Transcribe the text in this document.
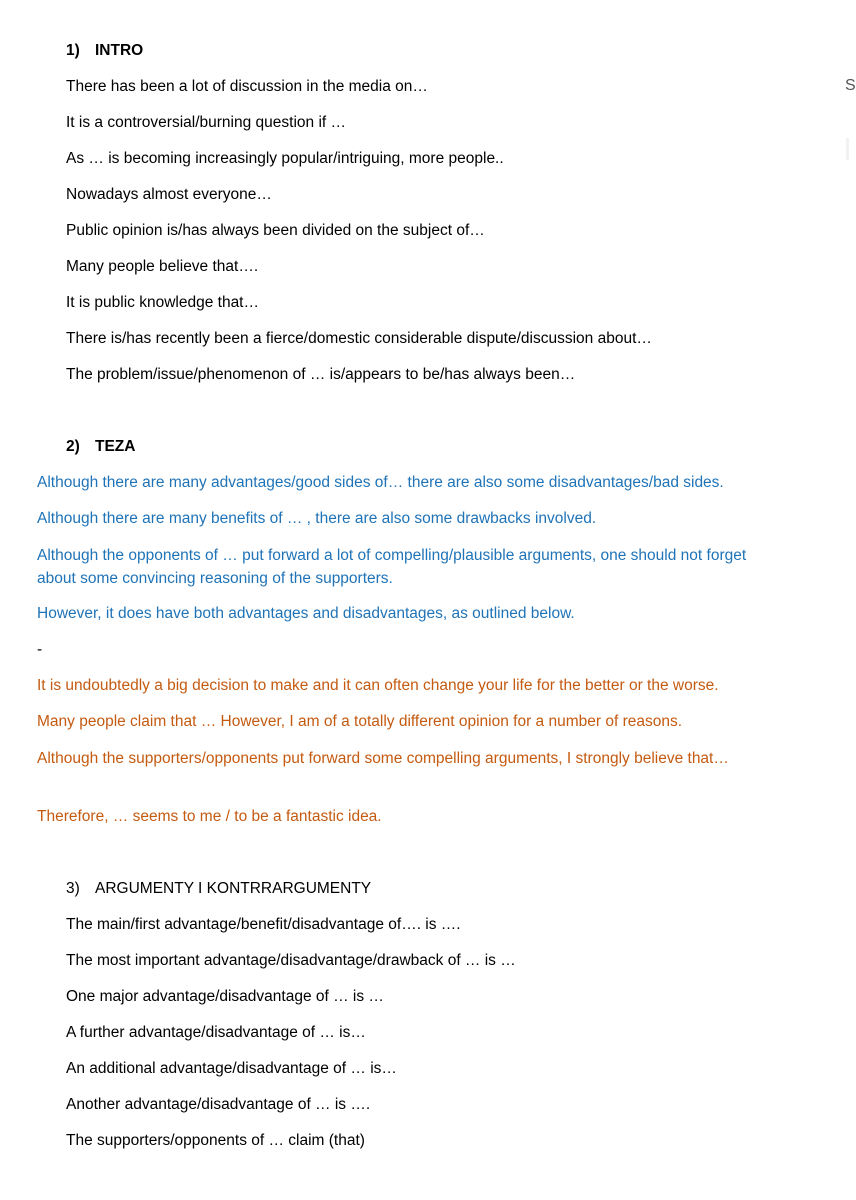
1) INTRO
There has been a lot of discussion in the media on…
It is a controversial/burning question if …
As … is becoming increasingly popular/intriguing, more people..
Nowadays almost everyone…
Public opinion is/has always been divided on the subject of…
Many people believe that….
It is public knowledge that…
There is/has recently been a fierce/domestic considerable dispute/discussion about…
The problem/issue/phenomenon of … is/appears to be/has always been…
2) TEZA
Although there are many advantages/good sides of… there are also some disadvantages/bad sides.
Although there are many benefits of … , there are also some drawbacks involved.
Although the opponents of … put forward a lot of compelling/plausible arguments, one should not forget about some convincing reasoning of the supporters.
However, it does have both advantages and disadvantages, as outlined below.
-
It is undoubtedly a big decision to make and it can often change your life for the better or the worse.
Many people claim that … However, I am of a totally different opinion for a number of reasons.
Although the supporters/opponents put forward some compelling arguments, I strongly believe that…
Therefore, … seems to me / to be a fantastic idea.
3) ARGUMENTY I KONTRRARGUMENTY
The main/first advantage/benefit/disadvantage of…. is ….
The most important advantage/disadvantage/drawback of … is …
One major advantage/disadvantage of … is …
A further advantage/disadvantage of … is…
An additional advantage/disadvantage of … is…
Another advantage/disadvantage of … is ….
The supporters/opponents of … claim (that)
S
